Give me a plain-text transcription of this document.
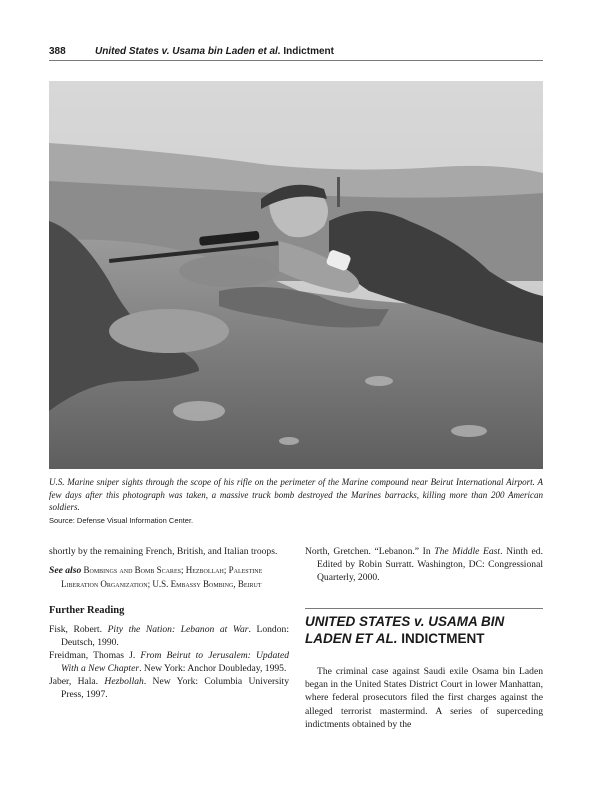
388	United States v. Usama bin Laden et al. Indictment

U.S. Marine sniper sights through the scope of his rifle on the perimeter of the Marine compound near Beirut International Airport. A few days after this photograph was taken, a massive truck bomb destroyed the Marines barracks, killing more than 200 American soldiers.

Source: Defense Visual Information Center.

shortly by the remaining French, British, and Italian troops.

See also Bombings and Bomb Scares; Hezbollah; Palestine Liberation Organization; U.S. Embassy Bombing, Beirut

Further Reading

Fisk, Robert. Pity the Nation: Lebanon at War. London: Deutsch, 1990.

Freidman, Thomas J. From Beirut to Jerusalem: Updated With a New Chapter. New York: Anchor Doubleday, 1995.

Jaber, Hala. Hezbollah. New York: Columbia University Press, 1997.

North, Gretchen. “Lebanon.” In The Middle East. Ninth ed. Edited by Robin Surratt. Washington, DC: Congressional Quarterly, 2000.

UNITED STATES v. USAMA BIN LADEN ET AL. INDICTMENT

The criminal case against Saudi exile Osama bin Laden began in the United States District Court in lower Manhattan, where federal prosecutors filed the first charges against the alleged terrorist mastermind. A series of superceding indictments obtained by the
